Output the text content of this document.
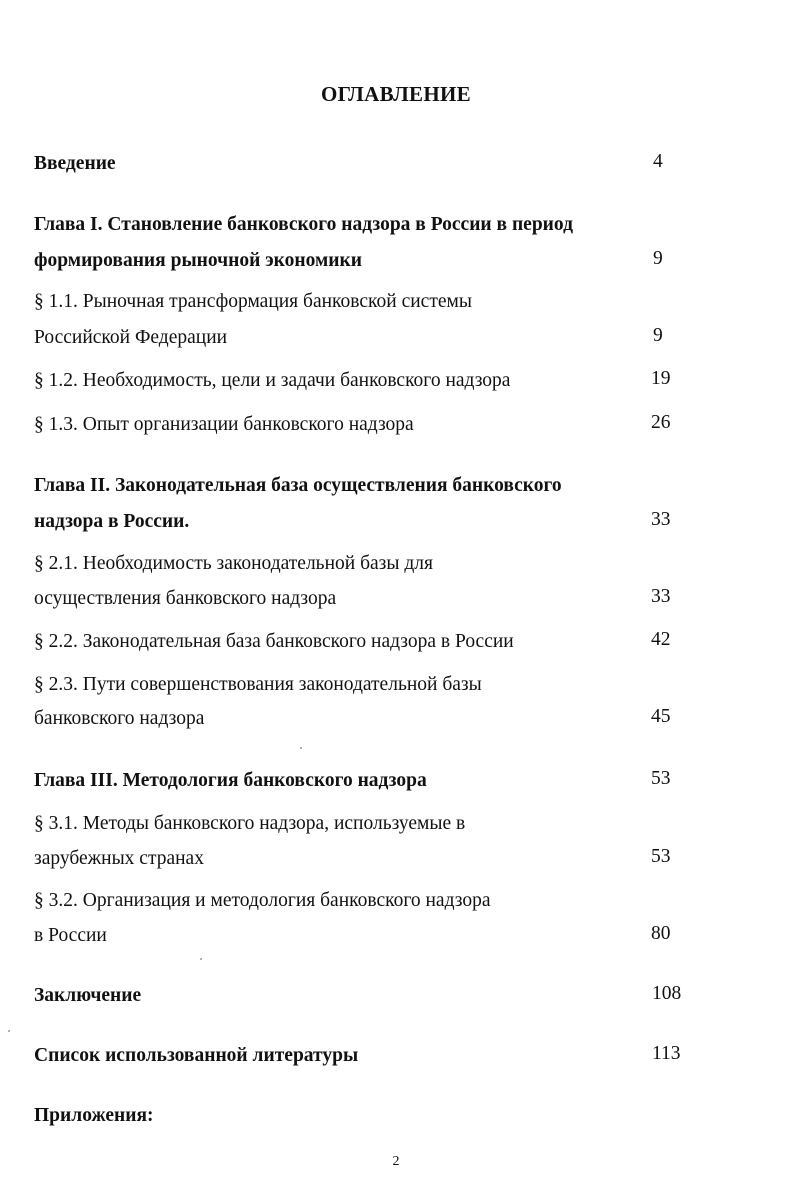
ОГЛАВЛЕНИЕ
Введение	4
Глава I. Становление банковского надзора в России в период
формирования рыночной экономики	9
§ 1.1. Рыночная трансформация банковской системы
Российской Федерации	9
§ 1.2. Необходимость, цели и задачи банковского надзора	19
§ 1.3. Опыт организации банковского надзора	26
Глава II. Законодательная база осуществления банковского
надзора в России.	33
§ 2.1. Необходимость законодательной базы для
осуществления банковского надзора	33
§ 2.2. Законодательная база банковского надзора в России	42
§ 2.3. Пути совершенствования законодательной базы
банковского надзора	45
Глава III. Методология банковского надзора	53
§ 3.1. Методы банковского надзора, используемые в
зарубежных странах	53
§ 3.2. Организация и методология банковского надзора
в России	80
Заключение	108
Список использованной литературы	113
Приложения:
2
